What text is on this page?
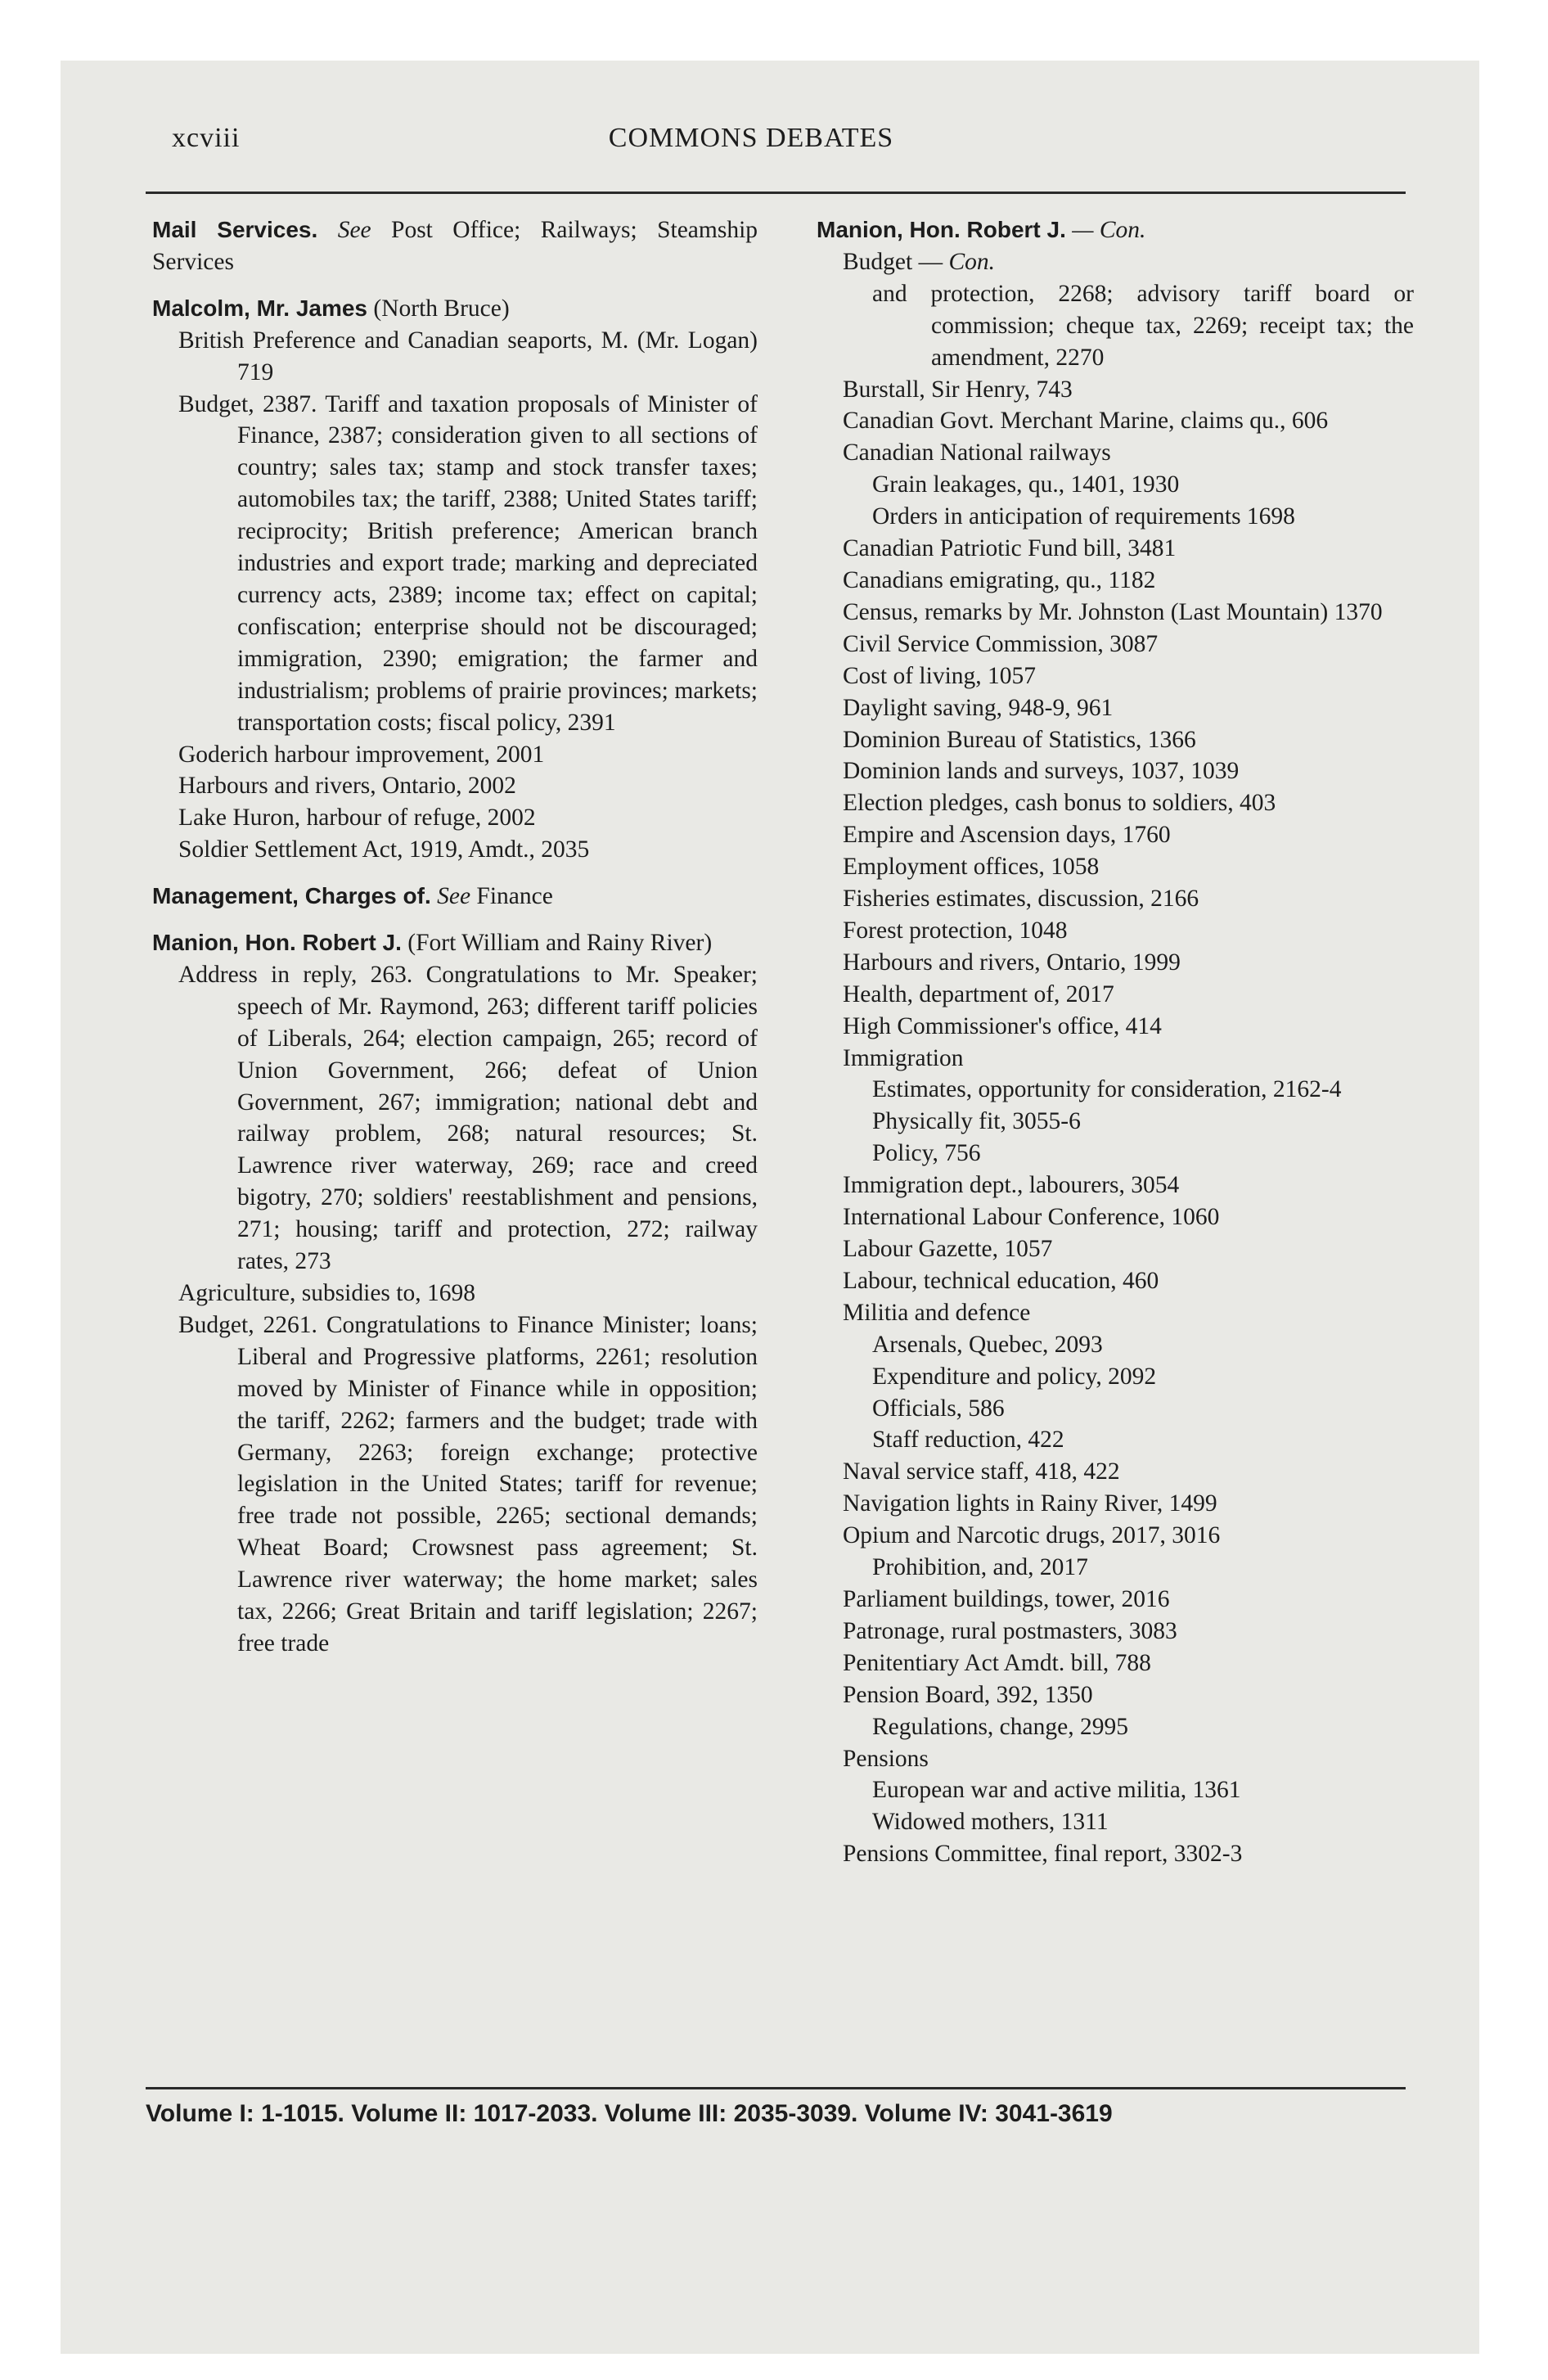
xcviii	COMMONS DEBATES

Mail Services. See Post Office; Railways; Steamship Services

Malcolm, Mr. James (North Bruce)

British Preference and Canadian seaports, M. (Mr. Logan) 719

Budget, 2387. Tariff and taxation proposals of Minister of Finance, 2387; consideration given to all sections of country; sales tax; stamp and stock transfer taxes; automobiles tax; the tariff, 2388; United States tariff; reciprocity; British preference; American branch industries and export trade; marking and depreciated currency acts, 2389; income tax; effect on capital; confiscation; enterprise should not be discouraged; immigration, 2390; emigration; the farmer and industrialism; problems of prairie provinces; markets; transportation costs; fiscal policy, 2391

Goderich harbour improvement, 2001

Harbours and rivers, Ontario, 2002

Lake Huron, harbour of refuge, 2002

Soldier Settlement Act, 1919, Amdt., 2035

Management, Charges of. See Finance

Manion, Hon. Robert J. (Fort William and Rainy River)

Address in reply, 263. Congratulations to Mr. Speaker; speech of Mr. Raymond, 263; different tariff policies of Liberals, 264; election campaign, 265; record of Union Government, 266; defeat of Union Government, 267; immigration; national debt and railway problem, 268; natural resources; St. Lawrence river waterway, 269; race and creed bigotry, 270; soldiers' reestablishment and pensions, 271; housing; tariff and protection, 272; railway rates, 273

Agriculture, subsidies to, 1698

Budget, 2261. Congratulations to Finance Minister; loans; Liberal and Progressive platforms, 2261; resolution moved by Minister of Finance while in opposition; the tariff, 2262; farmers and the budget; trade with Germany, 2263; foreign exchange; protective legislation in the United States; tariff for revenue; free trade not possible, 2265; sectional demands; Wheat Board; Crowsnest pass agreement; St. Lawrence river waterway; the home market; sales tax, 2266; Great Britain and tariff legislation; 2267; free trade

Manion, Hon. Robert J. — Con.

Budget — Con.

and protection, 2268; advisory tariff board or commission; cheque tax, 2269; receipt tax; the amendment, 2270

Burstall, Sir Henry, 743

Canadian Govt. Merchant Marine, claims qu., 606

Canadian National railways

Grain leakages, qu., 1401, 1930

Orders in anticipation of requirements 1698

Canadian Patriotic Fund bill, 3481

Canadians emigrating, qu., 1182

Census, remarks by Mr. Johnston (Last Mountain) 1370

Civil Service Commission, 3087

Cost of living, 1057

Daylight saving, 948-9, 961

Dominion Bureau of Statistics, 1366

Dominion lands and surveys, 1037, 1039

Election pledges, cash bonus to soldiers, 403

Empire and Ascension days, 1760

Employment offices, 1058

Fisheries estimates, discussion, 2166

Forest protection, 1048

Harbours and rivers, Ontario, 1999

Health, department of, 2017

High Commissioner's office, 414

Immigration

Estimates, opportunity for consideration, 2162-4

Physically fit, 3055-6

Policy, 756

Immigration dept., labourers, 3054

International Labour Conference, 1060

Labour Gazette, 1057

Labour, technical education, 460

Militia and defence

Arsenals, Quebec, 2093

Expenditure and policy, 2092

Officials, 586

Staff reduction, 422

Naval service staff, 418, 422

Navigation lights in Rainy River, 1499

Opium and Narcotic drugs, 2017, 3016

Prohibition, and, 2017

Parliament buildings, tower, 2016

Patronage, rural postmasters, 3083

Penitentiary Act Amdt. bill, 788

Pension Board, 392, 1350

Regulations, change, 2995

Pensions

European war and active militia, 1361

Widowed mothers, 1311

Pensions Committee, final report, 3302-3

Volume I: 1-1015. Volume II: 1017-2033. Volume III: 2035-3039. Volume IV: 3041-3619
